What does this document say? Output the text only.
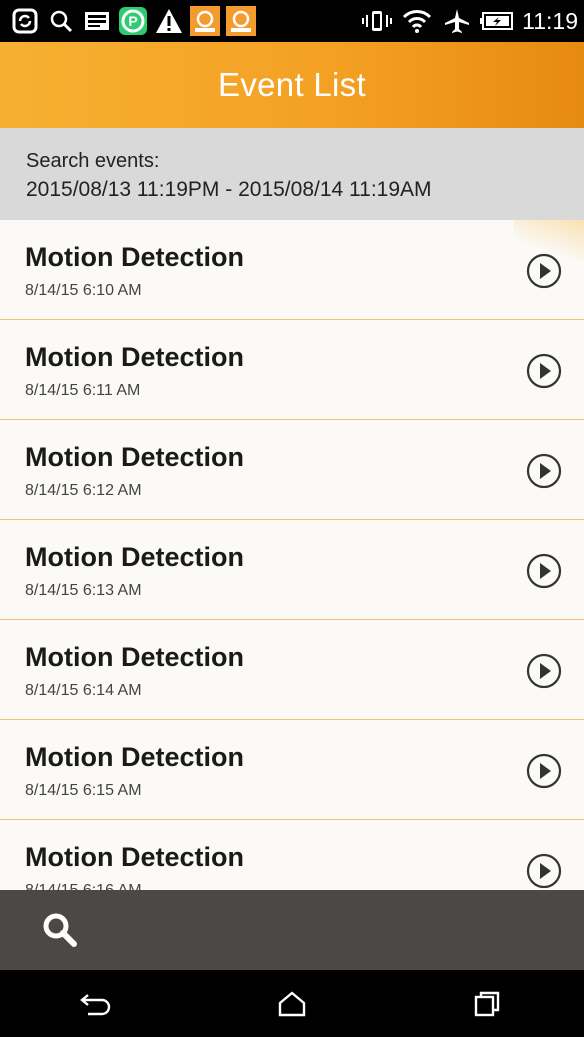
P	11:19
Event List
Search events:
2015/08/13 11:19PM - 2015/08/14 11:19AM
Motion Detection
8/14/15 6:10 AM
Motion Detection
8/14/15 6:11 AM
Motion Detection
8/14/15 6:12 AM
Motion Detection
8/14/15 6:13 AM
Motion Detection
8/14/15 6:14 AM
Motion Detection
8/14/15 6:15 AM
Motion Detection
